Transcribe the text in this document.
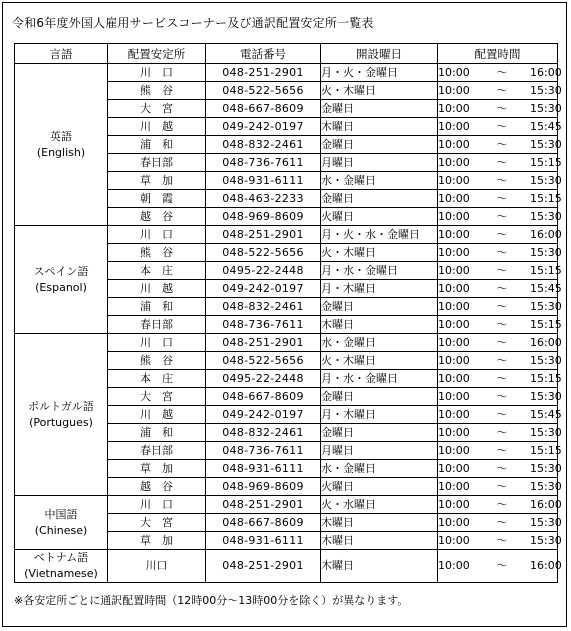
令和6年度外国人雇用サービスコーナー及び通訳配置安定所一覧表
言語	配置安定所	電話番号	開設曜日	配置時間

英語
(English)	川　口	048-251-2901	月・火・金曜日	10:00 ～ 16:00
	熊　谷	048-522-5656	火・木曜日	10:00 ～ 15:30
	大　宮	048-667-8609	金曜日	10:00 ～ 15:30
	川　越	049-242-0197	木曜日	10:00 ～ 15:45
	浦　和	048-832-2461	金曜日	10:00 ～ 15:30
	春日部	048-736-7611	月曜日	10:00 ～ 15:15
	草　加	048-931-6111	水・金曜日	10:00 ～ 15:30
	朝　霞	048-463-2233	金曜日	10:00 ～ 15:15
	越　谷	048-969-8609	火曜日	10:00 ～ 15:30

スペイン語
(Espanol)	川　口	048-251-2901	月・火・水・金曜日	10:00 ～ 16:00
	熊　谷	048-522-5656	火・木曜日	10:00 ～ 15:30
	本　庄	0495-22-2448	月・水・金曜日	10:00 ～ 15:15
	川　越	049-242-0197	月・木曜日	10:00 ～ 15:45
	浦　和	048-832-2461	金曜日	10:00 ～ 15:30
	春日部	048-736-7611	木曜日	10:00 ～ 15:15

ポルトガル語
(Portugues)	川　口	048-251-2901	水・金曜日	10:00 ～ 16:00
	熊　谷	048-522-5656	火・木曜日	10:00 ～ 15:30
	本　庄	0495-22-2448	月・水・金曜日	10:00 ～ 15:15
	大　宮	048-667-8609	金曜日	10:00 ～ 15:30
	川　越	049-242-0197	月・木曜日	10:00 ～ 15:45
	浦　和	048-832-2461	金曜日	10:00 ～ 15:30
	春日部	048-736-7611	月曜日	10:00 ～ 15:15
	草　加	048-931-6111	水・金曜日	10:00 ～ 15:30
	越　谷	048-969-8609	火曜日	10:00 ～ 15:30

中国語
(Chinese)	川　口	048-251-2901	火・水曜日	10:00 ～ 16:00
	大　宮	048-667-8609	木曜日	10:00 ～ 15:30
	草　加	048-931-6111	木曜日	10:00 ～ 15:30

ベトナム語
(Vietnamese)	川口	048-251-2901	木曜日	10:00 ～ 16:00
※各安定所ごとに通訳配置時間（12時00分～13時00分を除く）が異なります。
